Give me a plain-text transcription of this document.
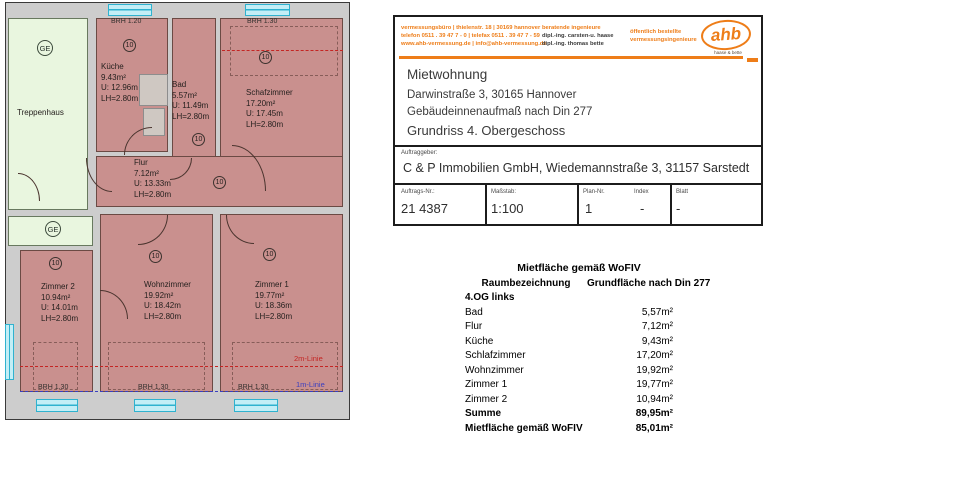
2m-Linie
1m-Linie
GE
GE
10
10
10
10
10
10	10
BRH 1.20	BRH 1.30
BRH 1.30	BRH 1.30	BRH 1.30
Treppenhaus
Küche
9.43m²
U: 12.96m
LH=2.80m
Bad
5.57m²
U: 11.49m
LH=2.80m
Schafzimmer
17.20m²
U: 17.45m
LH=2.80m
Flur
7.12m²
U: 13.33m
LH=2.80m
Zimmer 2
10.94m²
U: 14.01m
LH=2.80m
Wohnzimmer
19.92m²
U: 18.42m
LH=2.80m
Zimmer 1
19.77m²
U: 18.36m
LH=2.80m
vermessungsbüro | thielenstr. 18 | 30169 hannover
telefon 0511 . 39 47 7 - 0 | telefax 0511 . 39 47 7 - 59
www.ahb-vermessung.de | info@ahb-vermessung.de
beratende ingenieure
dipl.-ing. carsten-u. haase
dipl.-ing. thomas bette
öffentlich bestellte
vermessungsingenieure ahb
haase & bette
Mietwohnung
Darwinstraße 3, 30165 Hannover
Gebäudeinnenaufmaß nach Din 277
Grundriss 4. Obergeschoss
Auftraggeber:
C & P Immobilien GmbH, Wiedemannstraße 3, 31157 Sarstedt
Auftrags-Nr.:
21 4387
Maßstab:
1:100
Plan-Nr.
1
Index
-
Blatt
-
Mietfläche gemäß WoFIV
Raumbezeichnung	Grundfläche nach Din 277
4.OG links
Bad	5,57m²
Flur	7,12m²
Küche	9,43m²
Schlafzimmer	17,20m²
Wohnzimmer	19,92m²
Zimmer 1	19,77m²
Zimmer 2	10,94m²
Summe	89,95m²
Mietfläche gemäß WoFIV	85,01m²
